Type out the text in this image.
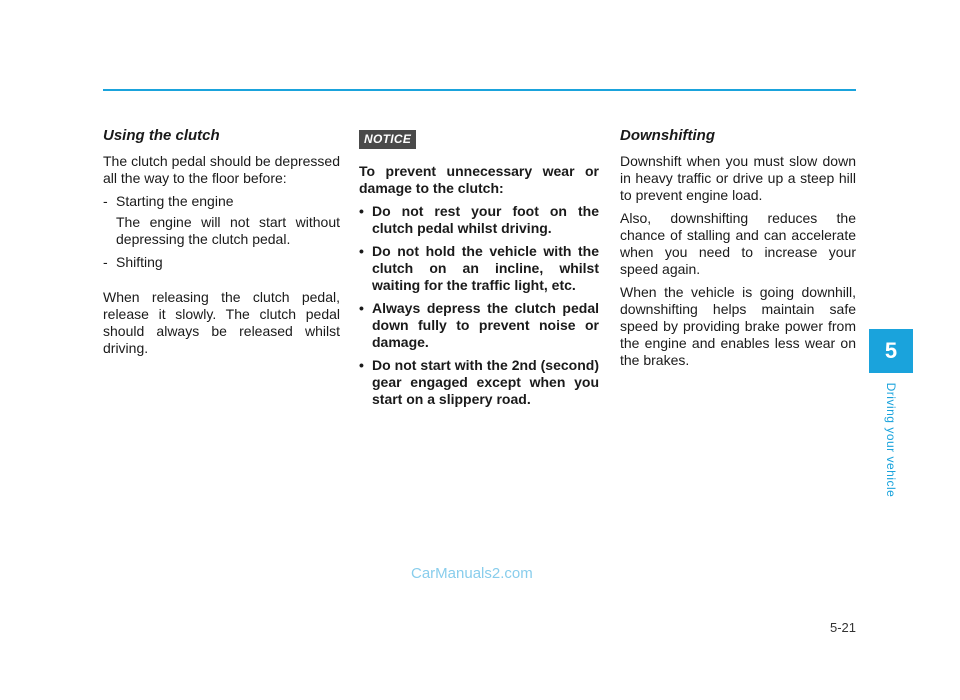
Using the clutch

The clutch pedal should be depressed all the way to the floor before:

- Starting the engine

The engine will not start without depressing the clutch pedal.

- Shifting

When releasing the clutch pedal, release it slowly. The clutch pedal should always be released whilst driving.

NOTICE

To prevent unnecessary wear or damage to the clutch:

• Do not rest your foot on the clutch pedal whilst driving.
• Do not hold the vehicle with the clutch on an incline, whilst waiting for the traffic light, etc.
• Always depress the clutch pedal down fully to prevent noise or damage.
• Do not start with the 2nd (second) gear engaged except when you start on a slippery road.
Downshifting

Downshift when you must slow down in heavy traffic or drive up a steep hill to prevent engine load.

Also, downshifting reduces the chance of stalling and can accelerate when you need to increase your speed again.

When the vehicle is going downhill, downshifting helps maintain safe speed by providing brake power from the engine and enables less wear on the brakes.	5
Driving your vehicle
CarManuals2.com
5-21
